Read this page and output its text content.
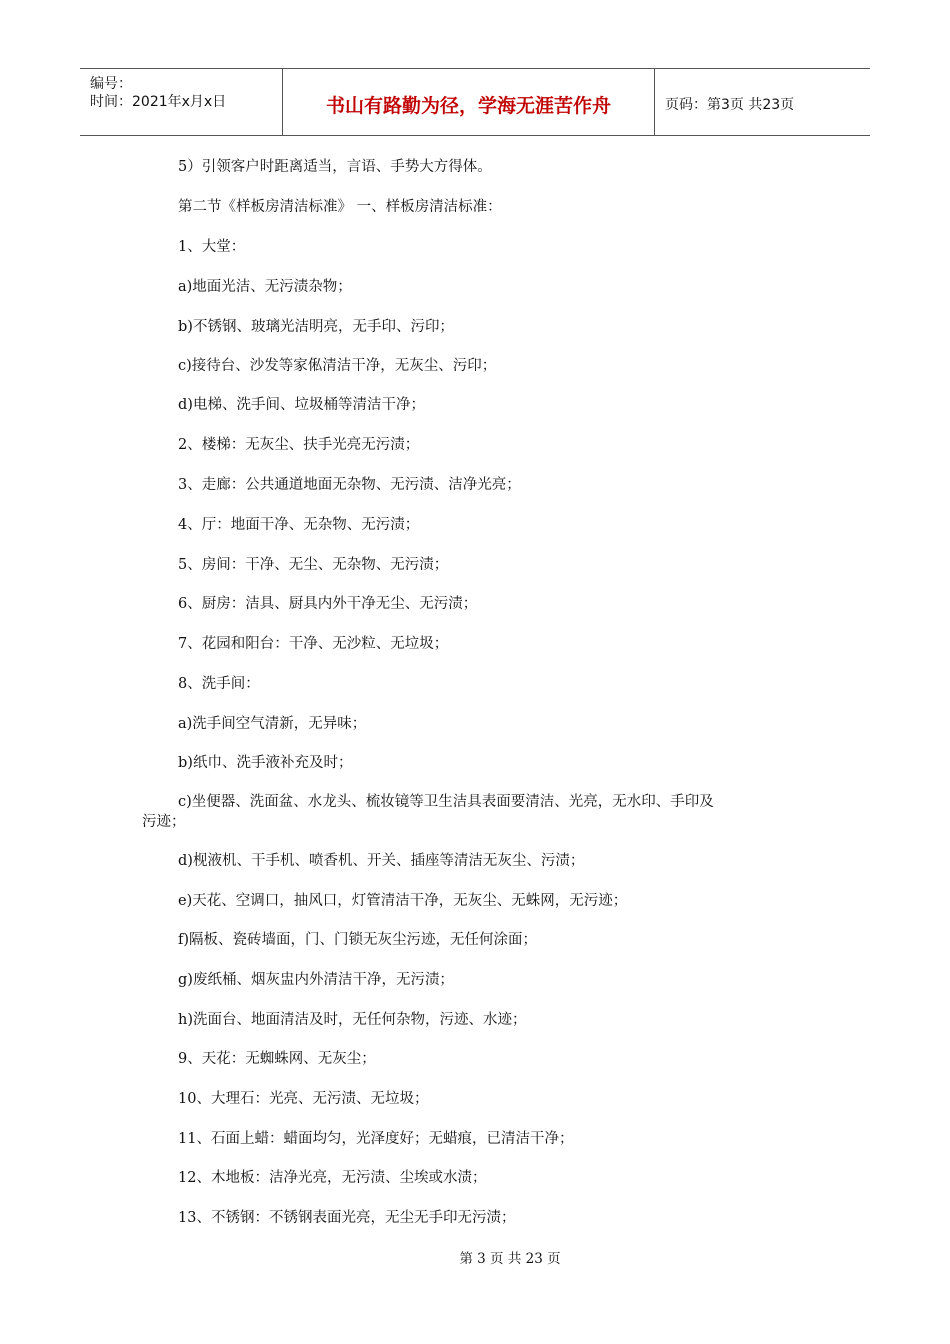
编号：
时间：2021年x月x日	书山有路勤为径，学海无涯苦作舟	页码：第3页 共23页
5）引领客户时距离适当，言语、手势大方得体。
第二节《样板房清洁标准》 一、样板房清洁标准：
1、大堂：
a)地面光洁、无污渍杂物；
b)不锈钢、玻璃光洁明亮，无手印、污印；
c)接待台、沙发等家俬清洁干净，无灰尘、污印；
d)电梯、洗手间、垃圾桶等清洁干净；
2、楼梯：无灰尘、扶手光亮无污渍；
3、走廊：公共通道地面无杂物、无污渍、洁净光亮；
4、厅：地面干净、无杂物、无污渍；
5、房间：干净、无尘、无杂物、无污渍；
6、厨房：洁具、厨具内外干净无尘、无污渍；
7、花园和阳台：干净、无沙粒、无垃圾；
8、洗手间：
a)洗手间空气清新，无异味；
b)纸巾、洗手液补充及时；
c)坐便器、洗面盆、水龙头、梳妆镜等卫生洁具表面要清洁、光亮，无水印、手印及
污迹；
d)枧液机、干手机、喷香机、开关、插座等清洁无灰尘、污渍；
e)天花、空调口，抽风口，灯管清洁干净，无灰尘、无蛛网，无污迹；
f)隔板、瓷砖墙面，门、门锁无灰尘污迹，无任何涂面；
g)废纸桶、烟灰盅内外清洁干净，无污渍；
h)洗面台、地面清洁及时，无任何杂物，污迹、水迹；
9、天花：无蜘蛛网、无灰尘；
10、大理石：光亮、无污渍、无垃圾；
11、石面上蜡：蜡面均匀，光泽度好；无蜡痕，已清洁干净；
12、木地板：洁净光亮，无污渍、尘埃或水渍；
13、不锈钢：不锈钢表面光亮，无尘无手印无污渍；
第 3 页 共 23 页
